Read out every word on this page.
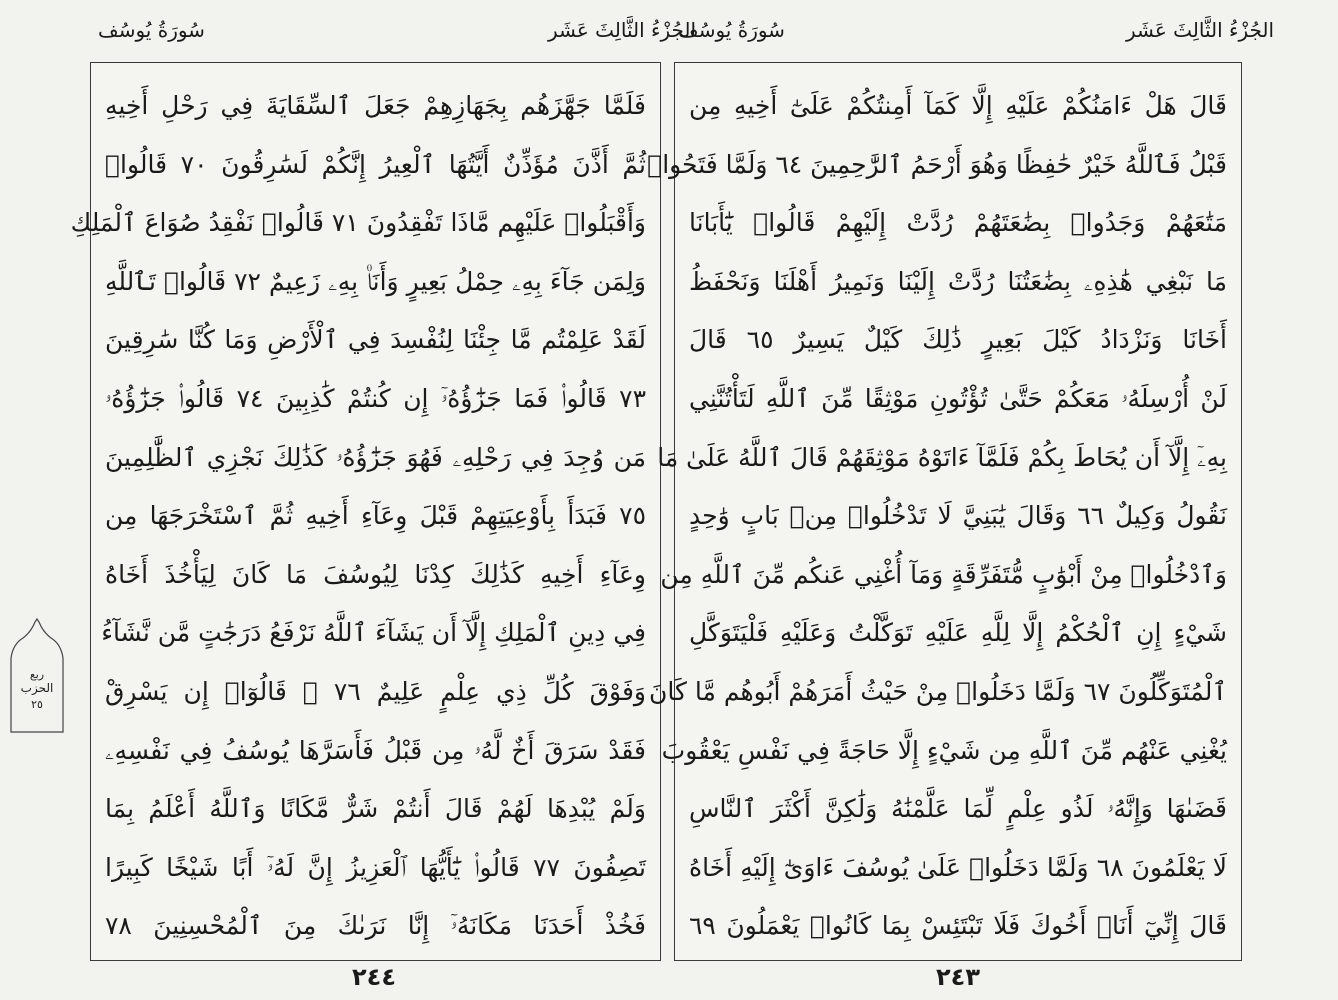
سُورَةُ يُوسُف	الجُزْءُ الثَّالِثَ عَشَر
سُورَةُ يُوسُف	الجُزْءُ الثَّالِثَ عَشَر
فَلَمَّا جَهَّزَهُم بِجَهَازِهِمْ جَعَلَ ٱلسِّقَايَةَ فِي رَحْلِ أَخِيهِ
ثُمَّ أَذَّنَ مُؤَذِّنٌ أَيَّتُهَا ٱلْعِيرُ إِنَّكُمْ لَسَٰرِقُونَ ٧٠ قَالُوا۟
وَأَقْبَلُوا۟ عَلَيْهِم مَّاذَا تَفْقِدُونَ ٧١ قَالُوا۟ نَفْقِدُ صُوَاعَ ٱلْمَلِكِ
وَلِمَن جَآءَ بِهِۦ حِمْلُ بَعِيرٍ وَأَنَا۠ بِهِۦ زَعِيمٌ ٧٢ قَالُوا۟ تَٱللَّهِ
لَقَدْ عَلِمْتُم مَّا جِئْنَا لِنُفْسِدَ فِي ٱلْأَرْضِ وَمَا كُنَّا سَٰرِقِينَ
٧٣ قَالُوا۟ فَمَا جَزَٰٓؤُهُۥٓ إِن كُنتُمْ كَٰذِبِينَ ٧٤ قَالُوا۟ جَزَٰٓؤُهُۥ
مَن وُجِدَ فِي رَحْلِهِۦ فَهُوَ جَزَٰٓؤُهُۥ كَذَٰلِكَ نَجْزِي ٱلظَّٰلِمِينَ
٧٥ فَبَدَأَ بِأَوْعِيَتِهِمْ قَبْلَ وِعَآءِ أَخِيهِ ثُمَّ ٱسْتَخْرَجَهَا مِن
وِعَآءِ أَخِيهِ كَذَٰلِكَ كِدْنَا لِيُوسُفَ مَا كَانَ لِيَأْخُذَ أَخَاهُ
فِي دِينِ ٱلْمَلِكِ إِلَّآ أَن يَشَآءَ ٱللَّهُ نَرْفَعُ دَرَجَٰتٍ مَّن نَّشَآءُ
وَفَوْقَ كُلِّ ذِي عِلْمٍ عَلِيمٌ ٧٦ ۞ قَالُوٓا۟ إِن يَسْرِقْ
فَقَدْ سَرَقَ أَخٌ لَّهُۥ مِن قَبْلُ فَأَسَرَّهَا يُوسُفُ فِي نَفْسِهِۦ
وَلَمْ يُبْدِهَا لَهُمْ قَالَ أَنتُمْ شَرٌّ مَّكَانًا وَٱللَّهُ أَعْلَمُ بِمَا
تَصِفُونَ ٧٧ قَالُوا۟ يَٰٓأَيُّهَا ٱلْعَزِيزُ إِنَّ لَهُۥٓ أَبًا شَيْخًا كَبِيرًا
فَخُذْ أَحَدَنَا مَكَانَهُۥٓ إِنَّا نَرَىٰكَ مِنَ ٱلْمُحْسِنِينَ ٧٨
قَالَ هَلْ ءَامَنُكُمْ عَلَيْهِ إِلَّا كَمَآ أَمِنتُكُمْ عَلَىٰٓ أَخِيهِ مِن
قَبْلُ فَٱللَّهُ خَيْرٌ حَٰفِظًا وَهُوَ أَرْحَمُ ٱلرَّٰحِمِينَ ٦٤ وَلَمَّا فَتَحُوا۟
مَتَٰعَهُمْ وَجَدُوا۟ بِضَٰعَتَهُمْ رُدَّتْ إِلَيْهِمْ قَالُوا۟ يَٰٓأَبَانَا
مَا نَبْغِي هَٰذِهِۦ بِضَٰعَتُنَا رُدَّتْ إِلَيْنَا وَنَمِيرُ أَهْلَنَا وَنَحْفَظُ
أَخَانَا وَنَزْدَادُ كَيْلَ بَعِيرٍ ذَٰلِكَ كَيْلٌ يَسِيرٌ ٦٥ قَالَ
لَنْ أُرْسِلَهُۥ مَعَكُمْ حَتَّىٰ تُؤْتُونِ مَوْثِقًا مِّنَ ٱللَّهِ لَتَأْتُنَّنِي
بِهِۦٓ إِلَّآ أَن يُحَاطَ بِكُمْ فَلَمَّآ ءَاتَوْهُ مَوْثِقَهُمْ قَالَ ٱللَّهُ عَلَىٰ مَا
نَقُولُ وَكِيلٌ ٦٦ وَقَالَ يَٰبَنِيَّ لَا تَدْخُلُوا۟ مِنۢ بَابٍ وَٰحِدٍ
وَٱدْخُلُوا۟ مِنْ أَبْوَٰبٍ مُّتَفَرِّقَةٍ وَمَآ أُغْنِي عَنكُم مِّنَ ٱللَّهِ مِن
شَيْءٍ إِنِ ٱلْحُكْمُ إِلَّا لِلَّهِ عَلَيْهِ تَوَكَّلْتُ وَعَلَيْهِ فَلْيَتَوَكَّلِ
ٱلْمُتَوَكِّلُونَ ٦٧ وَلَمَّا دَخَلُوا۟ مِنْ حَيْثُ أَمَرَهُمْ أَبُوهُم مَّا كَانَ
يُغْنِي عَنْهُم مِّنَ ٱللَّهِ مِن شَيْءٍ إِلَّا حَاجَةً فِي نَفْسِ يَعْقُوبَ
قَضَىٰهَا وَإِنَّهُۥ لَذُو عِلْمٍ لِّمَا عَلَّمْنَٰهُ وَلَٰكِنَّ أَكْثَرَ ٱلنَّاسِ
لَا يَعْلَمُونَ ٦٨ وَلَمَّا دَخَلُوا۟ عَلَىٰ يُوسُفَ ءَاوَىٰٓ إِلَيْهِ أَخَاهُ
قَالَ إِنِّيٓ أَنَا۠ أَخُوكَ فَلَا تَبْتَئِسْ بِمَا كَانُوا۟ يَعْمَلُونَ ٦٩
ربع
الحزب
٢٥
٢٤٤	٢٤٣
